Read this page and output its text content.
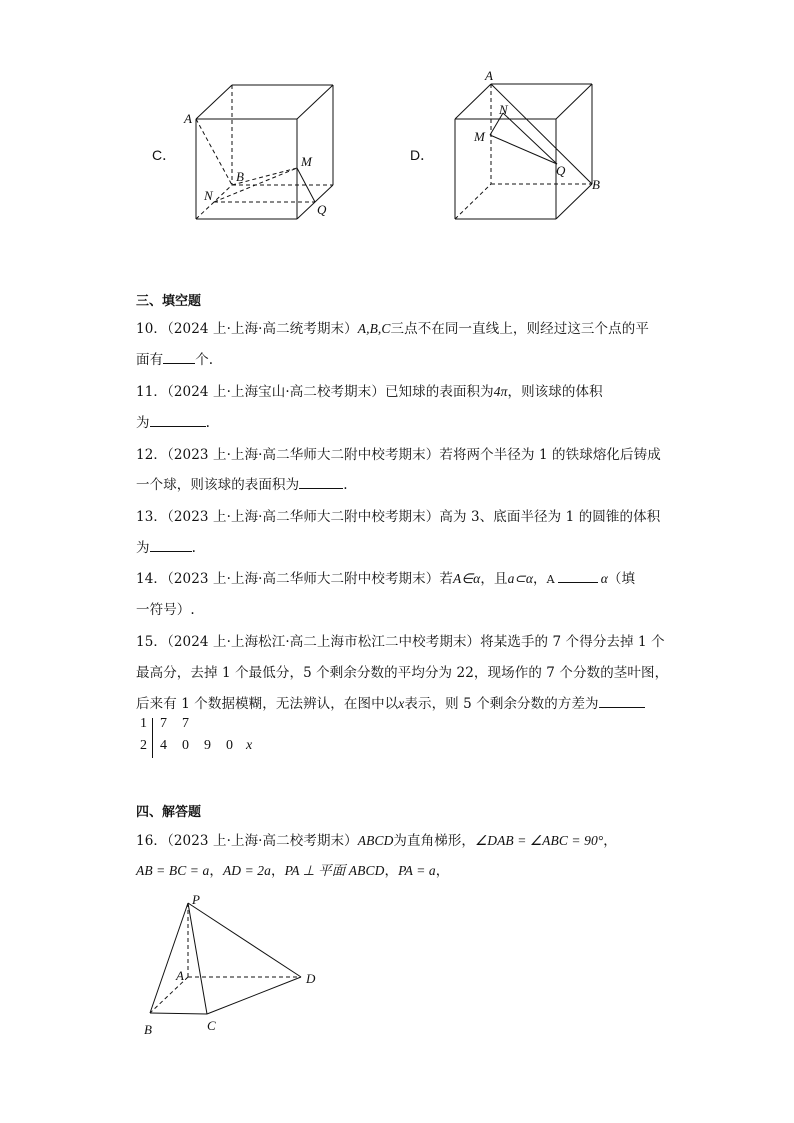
C．
A
B
N
M
Q
D．
A
N
M
Q
B
三、填空题
10．（2024 上·上海·高二统考期末）A,B,C三点不在同一直线上，则经过这三个点的平
面有 个.
11．（2024 上·上海宝山·高二校考期末）已知球的表面积为4π，则该球的体积
为	.
12．（2023 上·上海·高二华师大二附中校考期末）若将两个半径为 1 的铁球熔化后铸成
一个球，则该球的表面积为	.
13．（2023 上·上海·高二华师大二附中校考期末）高为 3、底面半径为 1 的圆锥的体积
为	.
14．（2023 上·上海·高二华师大二附中校考期末）若A∈α，且a⊂α，A	α（填
一符号）.
15．（2024 上·上海松江·高二上海市松江二中校考期末）将某选手的 7 个得分去掉 1 个
最高分，去掉 1 个最低分，5 个剩余分数的平均分为 22，现场作的 7 个分数的茎叶图，
后来有 1 个数据模糊，无法辨认，在图中以x表示，则 5 个剩余分数的方差为
1 7 7
2 4 0 9 0 x
四、解答题
16．（2023 上·上海·高二校考期末）ABCD为直角梯形，∠DAB = ∠ABC = 90°，
AB = BC = a，AD = 2a，PA ⊥ 平面 ABCD，PA = a，
P
A
B	C
D
